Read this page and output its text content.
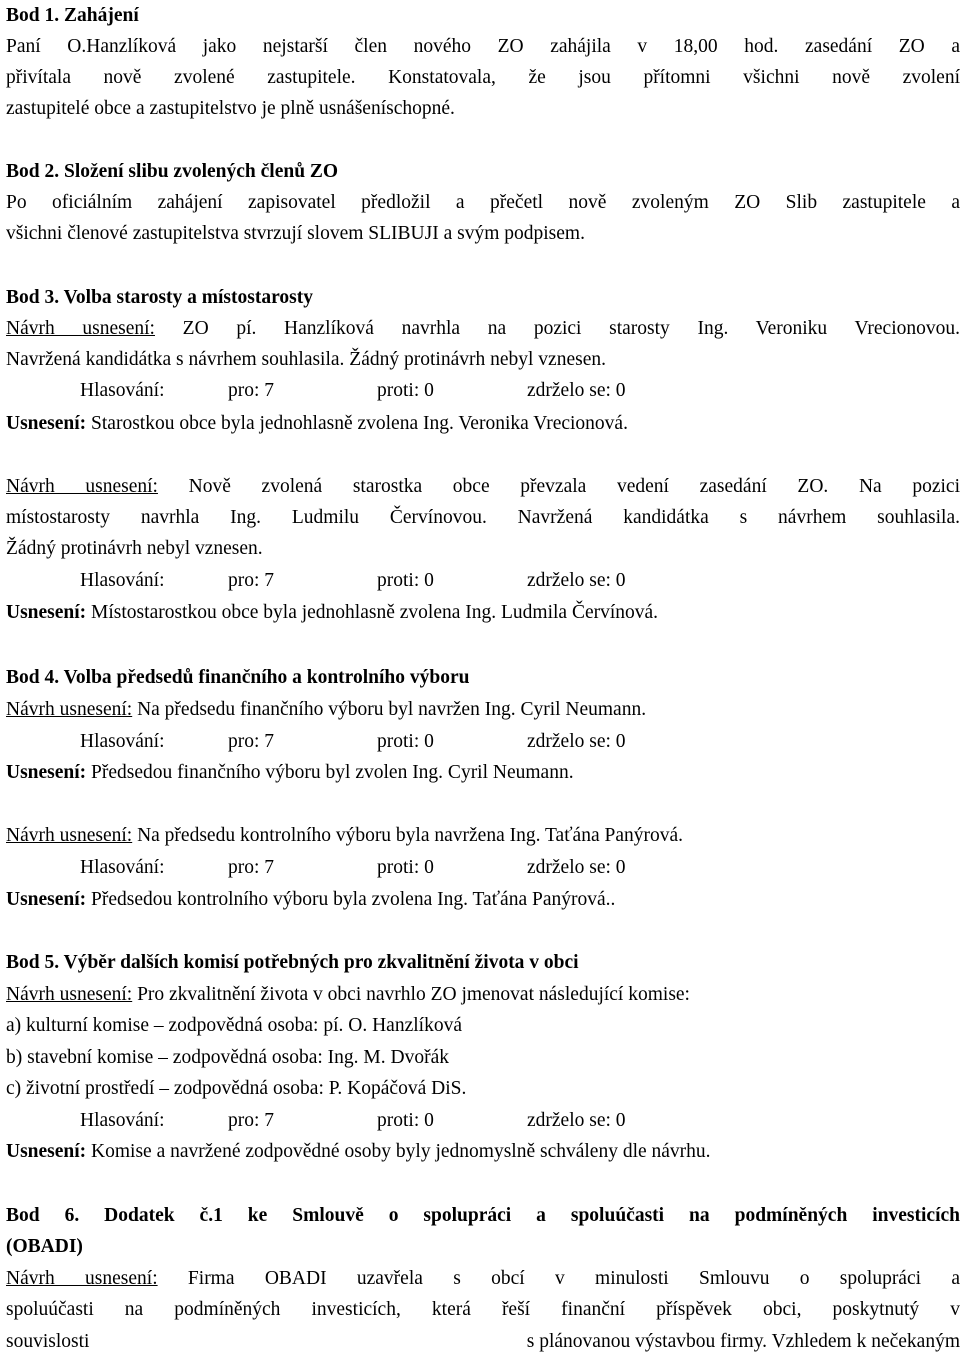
Bod 1. Zahájení
Paní O.Hanzlíková jako nejstarší člen nového ZO zahájila v 18,00 hod. zasedání ZO a
přivítala nově zvolené zastupitele. Konstatovala, že jsou přítomni všichni nově zvolení
zastupitelé obce a zastupitelstvo je plně usnášeníschopné.
Bod 2. Složení slibu zvolených členů ZO
Po oficiálním zahájení zapisovatel předložil a přečetl nově zvoleným ZO Slib zastupitele a
všichni členové zastupitelstva stvrzují slovem SLIBUJI a svým podpisem.
Bod 3. Volba starosty a místostarosty
Návrh usnesení: ZO pí. Hanzlíková navrhla na pozici starosty Ing. Veroniku Vrecionovou.
Navržená kandidátka s návrhem souhlasila. Žádný protinávrh nebyl vznesen.
Hlasování:	pro: 7	proti: 0	zdrželo se: 0
Usnesení: Starostkou obce byla jednohlasně zvolena Ing. Veronika Vrecionová.
Návrh usnesení: Nově zvolená starostka obce převzala vedení zasedání ZO. Na pozici
místostarosty navrhla Ing. Ludmilu Červínovou. Navržená kandidátka s návrhem souhlasila.
Žádný protinávrh nebyl vznesen.
Hlasování:	pro: 7	proti: 0	zdrželo se: 0
Usnesení: Místostarostkou obce byla jednohlasně zvolena Ing. Ludmila Červínová.
Bod 4. Volba předsedů finančního a kontrolního výboru
Návrh usnesení: Na předsedu finančního výboru byl navržen Ing. Cyril Neumann.
Hlasování:	pro: 7	proti: 0	zdrželo se: 0
Usnesení: Předsedou finančního výboru byl zvolen Ing. Cyril Neumann.
Návrh usnesení: Na předsedu kontrolního výboru byla navržena Ing. Taťána Panýrová.
Hlasování:	pro: 7	proti: 0	zdrželo se: 0
Usnesení: Předsedou kontrolního výboru byla zvolena Ing. Taťána Panýrová..
Bod 5. Výběr dalších komisí potřebných pro zkvalitnění života v obci
Návrh usnesení: Pro zkvalitnění života v obci navrhlo ZO jmenovat následující komise:
a) kulturní komise – zodpovědná osoba: pí. O. Hanzlíková
b) stavební komise – zodpovědná osoba: Ing. M. Dvořák
c) životní prostředí – zodpovědná osoba: P. Kopáčová DiS.
Hlasování:	pro: 7	proti: 0	zdrželo se: 0
Usnesení: Komise a navržené zodpovědné osoby byly jednomyslně schváleny dle návrhu.
Bod 6. Dodatek č.1 ke Smlouvě o spolupráci a spoluúčasti na podmíněných investicích
(OBADI)
Návrh usnesení: Firma OBADI uzavřela s obcí v minulosti Smlouvu o spolupráci a
spoluúčasti na podmíněných investicích, která řeší finanční příspěvek obci, poskytnutý v
souvislosti	s plánovanou výstavbou firmy. Vzhledem k nečekaným
